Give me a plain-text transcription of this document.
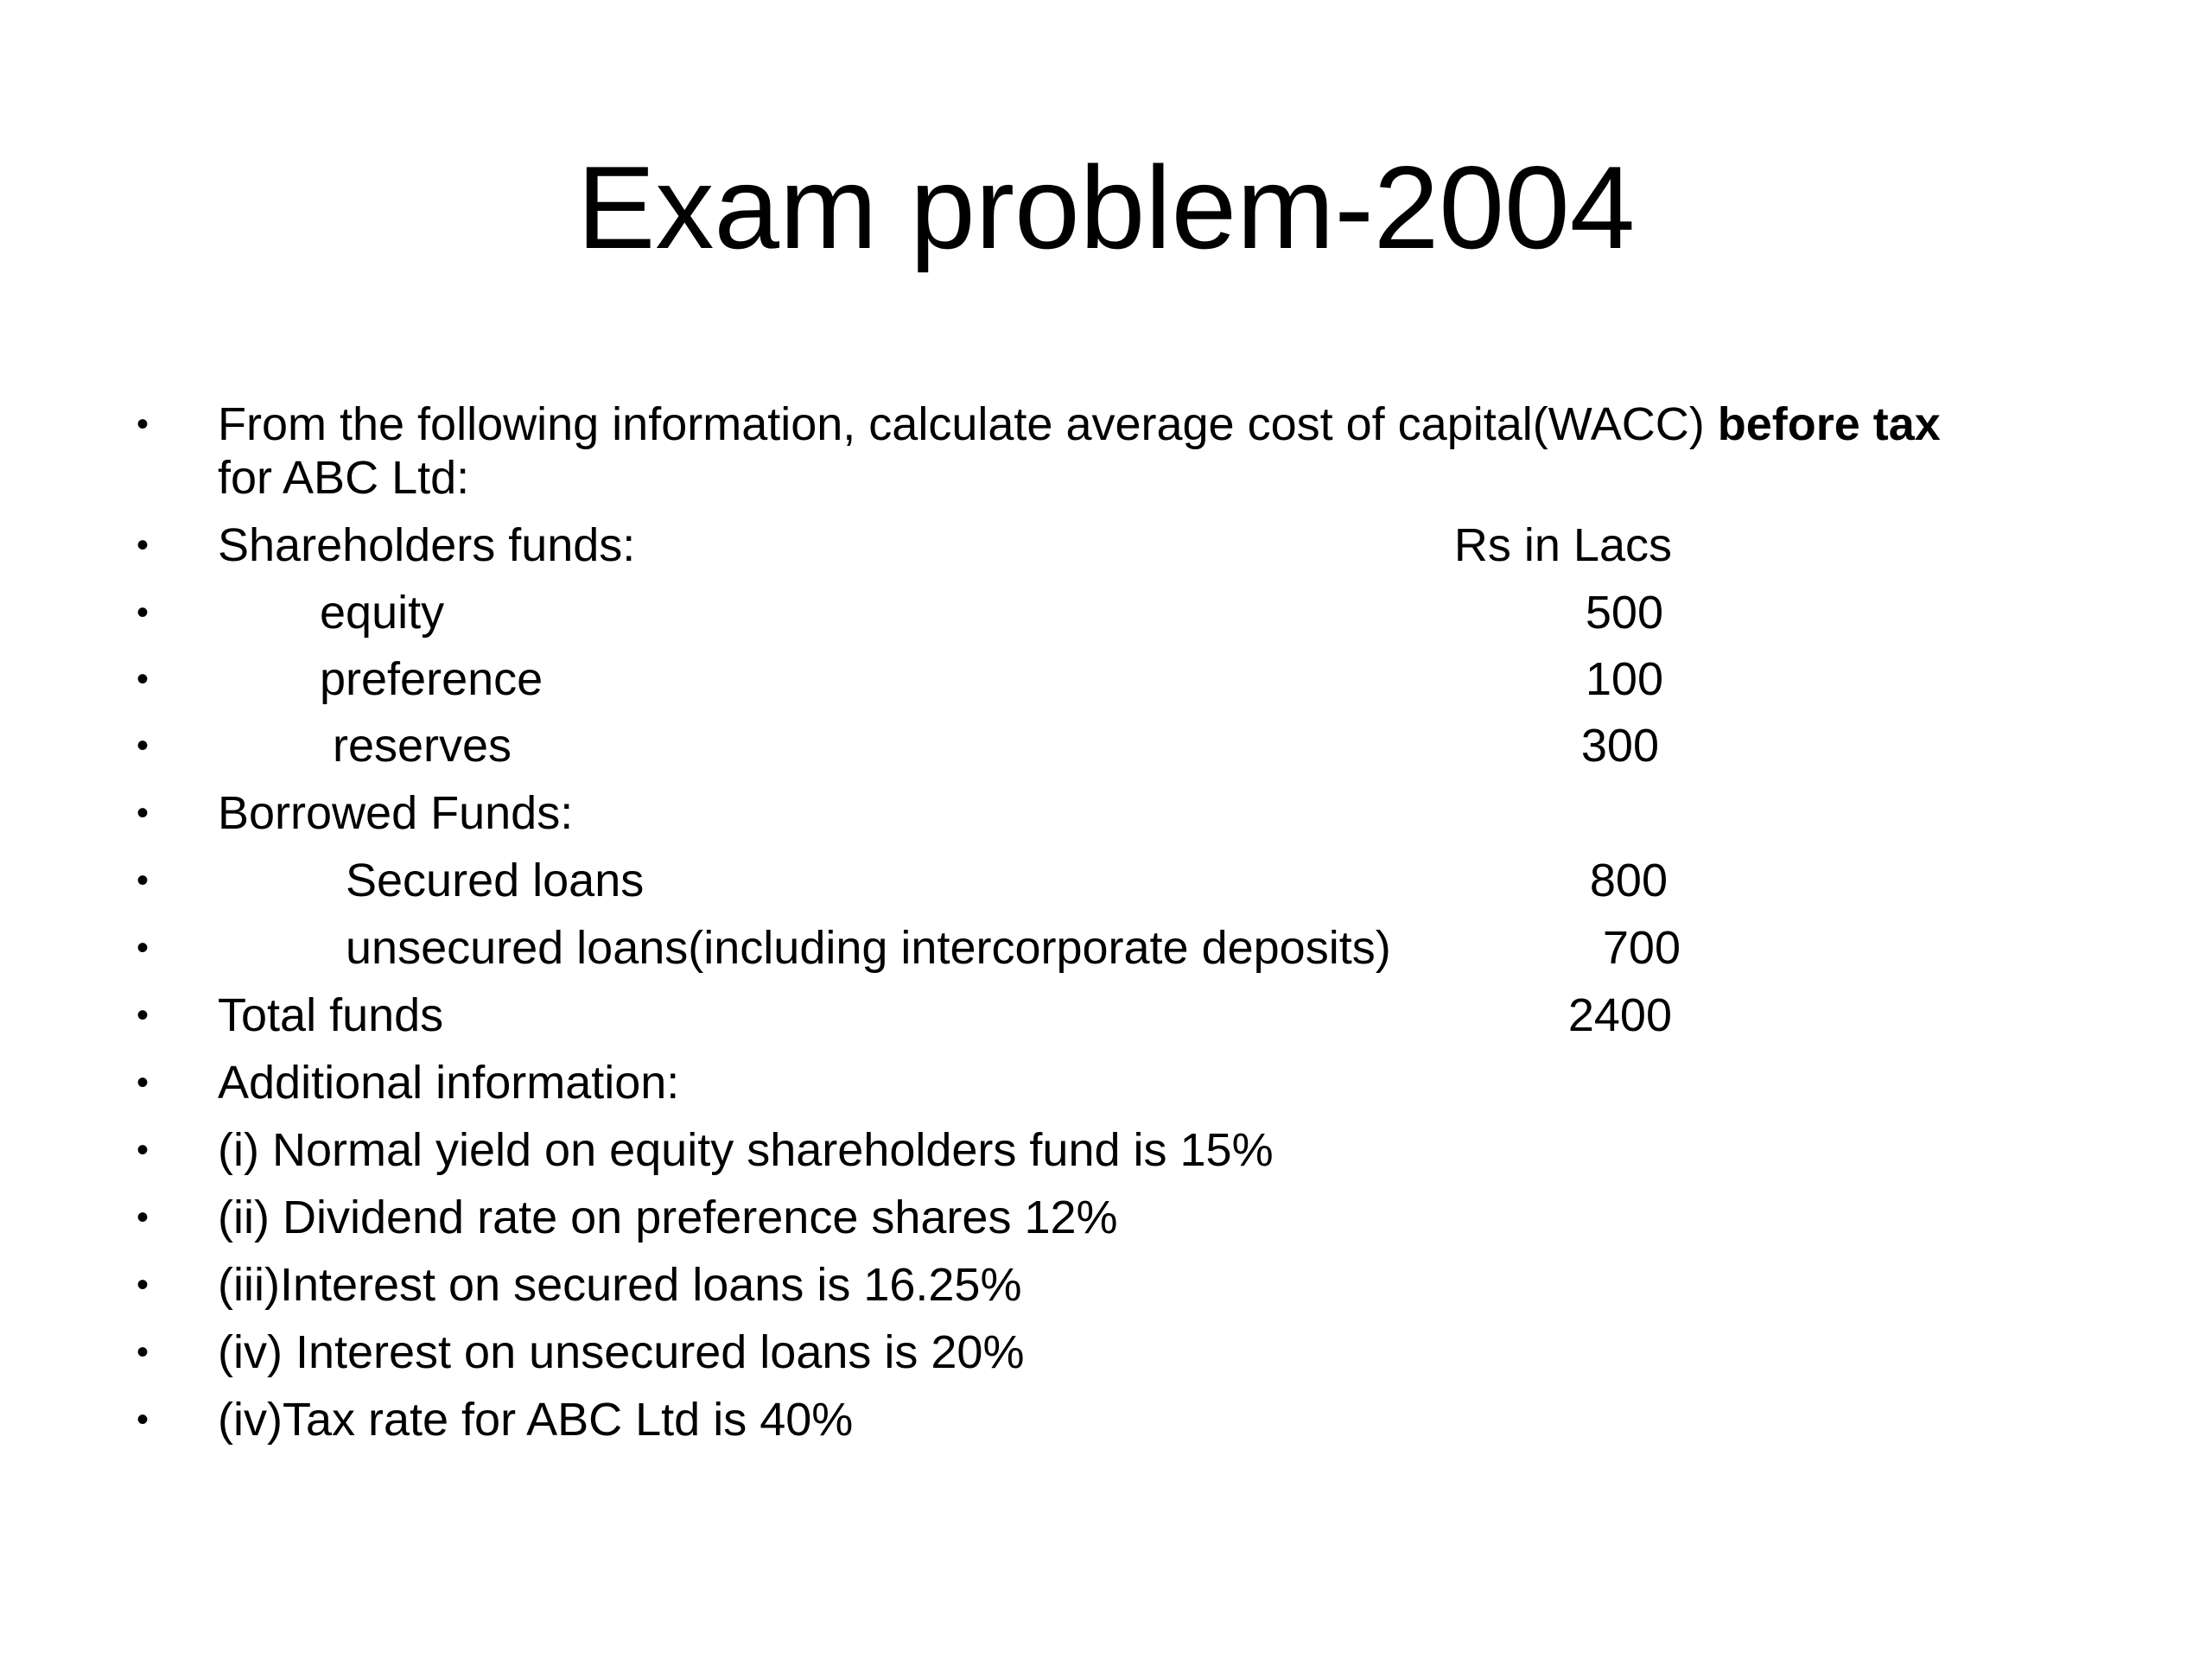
Exam problem-2004
• From the following information, calculate average cost of capital(WACC) before tax
for ABC Ltd:
• Shareholders funds:	Rs in Lacs
•	equity	500
•	preference	100
•	reserves	300
• Borrowed Funds:
•	Secured loans	800
•	unsecured loans(including intercorporate deposits)	700
• Total funds	2400
• Additional information:
• (i) Normal yield on equity shareholders fund is 15%
• (ii) Dividend rate on preference shares 12%
• (iii)Interest on secured loans is 16.25%
• (iv) Interest on unsecured loans is 20%
• (iv)Tax rate for ABC Ltd is 40%
